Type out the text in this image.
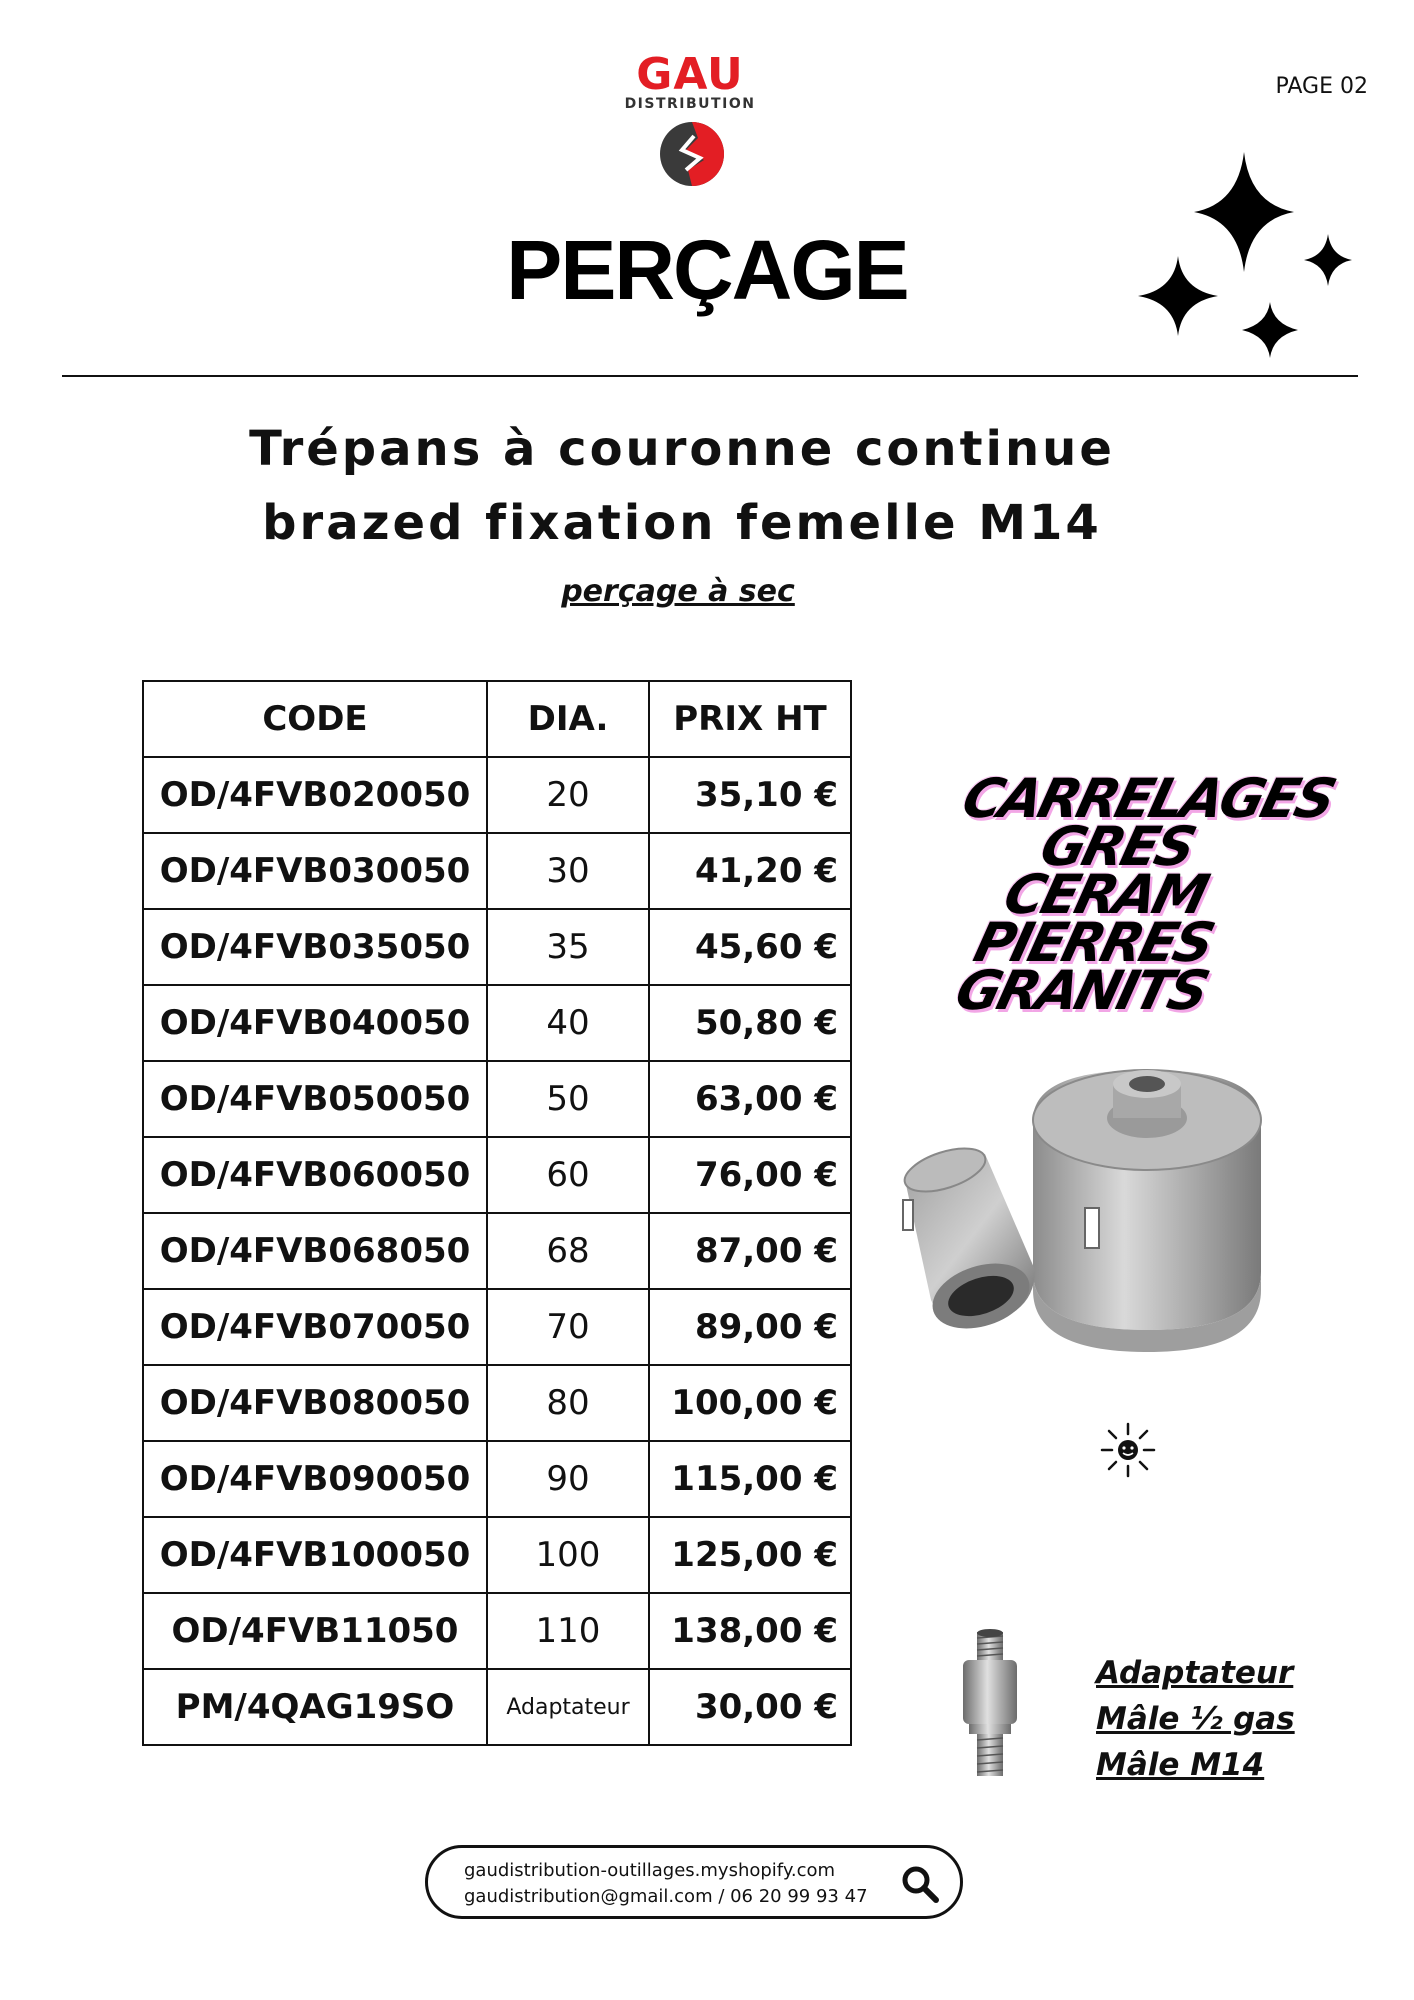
GAU
DISTRIBUTION
PAGE 02
PERÇAGE
Trépans à couronne continue
brazed fixation femelle M14
perçage à sec
CODE	DIA.	PRIX HT
OD/4FVB020050	20	35,10 €
OD/4FVB030050	30	41,20 €
OD/4FVB035050	35	45,60 €
OD/4FVB040050	40	50,80 €
OD/4FVB050050	50	63,00 €
OD/4FVB060050	60	76,00 €
OD/4FVB068050	68	87,00 €
OD/4FVB070050	70	89,00 €
OD/4FVB080050	80	100,00 €
OD/4FVB090050	90	115,00 €
OD/4FVB100050	100	125,00 €
OD/4FVB11050	110	138,00 €
PM/4QAG19SO	Adaptateur	30,00 €
CARRELAGES
GRES CERAM
PIERRES
GRANITS
Adaptateur
Mâle ½ gas
Mâle M14
gaudistribution-outillages.myshopify.com
gaudistribution@gmail.com / 06 20 99 93 47
